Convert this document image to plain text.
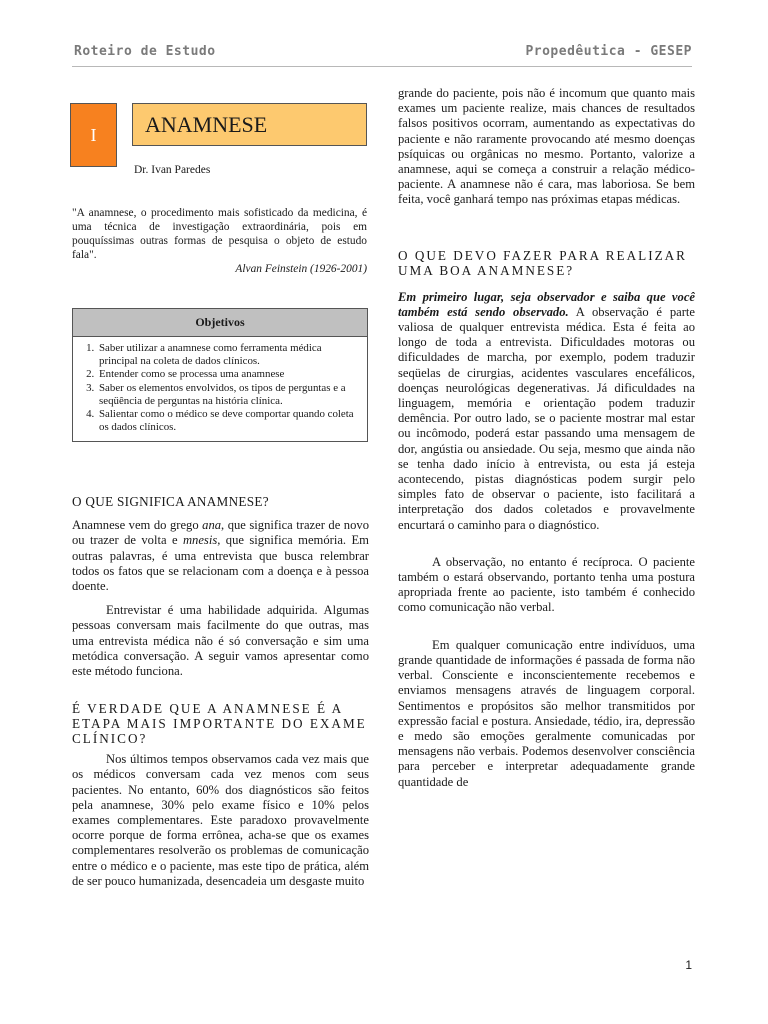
Roteiro de Estudo	Propedêutica - GESEP
I	ANAMNESE
Dr. Ivan Paredes

"A anamnese, o procedimento mais sofisticado da medicina, é uma técnica de investigação extraordinária, pois em pouquíssimas outras formas de pesquisa o objeto de estudo fala".

Alvan Feinstein (1926-2001)

Objetivos
1. Saber utilizar a anamnese como ferramenta médica principal na coleta de dados clínicos.
2. Entender como se processa uma anamnese
3. Saber os elementos envolvidos, os tipos de perguntas e a seqüência de perguntas na história clínica.
4. Salientar como o médico se deve comportar quando coleta os dados clínicos.
O QUE SIGNIFICA ANAMNESE?

Anamnese vem do grego ana, que significa trazer de novo ou trazer de volta e mnesis, que significa memória. Em outras palavras, é uma entrevista que busca relembrar todos os fatos que se relacionam com a doença e à pessoa doente.

Entrevistar é uma habilidade adquirida. Algumas pessoas conversam mais facilmente do que outras, mas uma entrevista médica não é só conversação e sim uma metódica conversação. A seguir vamos apresentar como este método funciona.

É VERDADE QUE A ANAMNESE É A ETAPA MAIS IMPORTANTE DO EXAME CLÍNICO?

Nos últimos tempos observamos cada vez mais que os médicos conversam cada vez menos com seus pacientes. No entanto, 60% dos diagnósticos são feitos pela anamnese, 30% pelo exame físico e 10% pelos exames complementares. Este paradoxo provavelmente ocorre porque de forma errônea, acha-se que os exames complementares resolverão os problemas de comunicação entre o médico e o paciente, mas este tipo de prática, além de ser pouco humanizada, desencadeia um desgaste muito

grande do paciente, pois não é incomum que quanto mais exames um paciente realize, mais chances de resultados falsos positivos ocorram, aumentando as expectativas do paciente e não raramente provocando até mesmo doenças psíquicas ou orgânicas no mesmo. Portanto, valorize a anamnese, aqui se começa a construir a relação médico-paciente. A anamnese não é cara, mas laboriosa. Se bem feita, você ganhará tempo nas próximas etapas médicas.

O QUE DEVO FAZER PARA REALIZAR UMA BOA ANAMNESE?

Em primeiro lugar, seja observador e saiba que você também está sendo observado. A observação é parte valiosa de qualquer entrevista médica. Esta é feita ao longo de toda a entrevista. Dificuldades motoras ou dificuldades de marcha, por exemplo, podem traduzir seqüelas de cirurgias, acidentes vasculares encefálicos, doenças neurológicas degenerativas. Já dificuldades na linguagem, memória e orientação podem traduzir demência. Por outro lado, se o paciente mostrar mal estar ou incômodo, poderá estar passando uma mensagem de dor, angústia ou ansiedade. Ou seja, mesmo que ainda não se tenha dado início à entrevista, ou esta já esteja acontecendo, pistas diagnósticas podem surgir pelo simples fato de observar o paciente, isto facilitará a interpretação dos dados coletados e provavelmente encurtará o caminho para o diagnóstico.

A observação, no entanto é recíproca. O paciente também o estará observando, portanto tenha uma postura apropriada frente ao paciente, isto também é conhecido como comunicação não verbal.

Em qualquer comunicação entre indivíduos, uma grande quantidade de informações é passada de forma não verbal. Consciente e inconscientemente recebemos e enviamos mensagens através de linguagem corporal. Sentimentos e propósitos são melhor transmitidos por expressão facial e postura. Ansiedade, tédio, ira, depressão e medo são emoções geralmente comunicadas por mensagens não verbais. Podemos desenvolver consciência para perceber e interpretar adequadamente grande quantidade de

1
